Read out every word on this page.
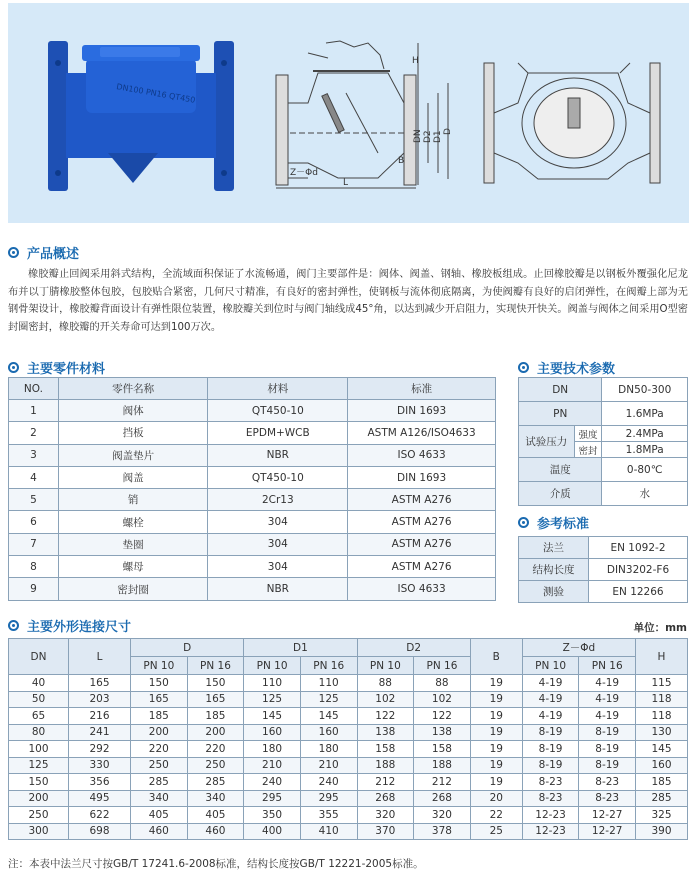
DN100 PN16 QT450
H
DN D2 D1 D
B
L
Z－Φd
产品概述

橡胶瓣止回阀采用斜式结构，全流域面积保证了水流畅通，阀门主要部件是：阀体、阀盖、钢轴、橡胶板组成。止回橡胶瓣是以钢板外覆强化尼龙布并以丁腈橡胶整体包胶，包胶贴合紧密，几何尺寸精准，有良好的密封弹性，使钢板与流体彻底隔离，为使阀瓣有良好的启闭弹性，在阀瓣上部为无钢骨架设计，橡胶瓣背面设计有弹性限位装置，橡胶瓣关到位时与阀门轴线成45°角，以达到减少开启阻力，实现快开快关。阀盖与阀体之间采用O型密封圈密封，橡胶瓣的开关寿命可达到100万次。

主要零件材料
NO.	零件名称	材料	标准
1	阀体	QT450-10	DIN 1693
2	挡板	EPDM+WCB	ASTM A126/ISO4633
3	阀盖垫片	NBR	ISO 4633
4	阀盖	QT450-10	DIN 1693
5	销	2Cr13	ASTM A276
6	螺栓	304	ASTM A276
7	垫圈	304	ASTM A276
8	螺母	304	ASTM A276
9	密封圈	NBR	ISO 4633
主要技术参数
DN		DN50-300
PN		1.6MPa
试验压力	强度	2.4MPa
	密封	1.8MPa
温度		0-80℃
介质		水
参考标准
法兰	EN 1092-2
结构长度	DIN3202-F6
测验	EN 12266
主要外形连接尺寸	单位：mm
DN	L	D		D1		D2		B	Z－Φd		H
		PN 10	PN 16	PN 10	PN 16	PN 10	PN 16		PN 10	PN 16	
40	165	150	150	110	110	88	88	19	4-19	4-19	115
50	203	165	165	125	125	102	102	19	4-19	4-19	118
65	216	185	185	145	145	122	122	19	4-19	4-19	118
80	241	200	200	160	160	138	138	19	8-19	8-19	130
100	292	220	220	180	180	158	158	19	8-19	8-19	145
125	330	250	250	210	210	188	188	19	8-19	8-19	160
150	356	285	285	240	240	212	212	19	8-23	8-23	185
200	495	340	340	295	295	268	268	20	8-23	8-23	285
250	622	405	405	350	355	320	320	22	12-23	12-27	325
300	698	460	460	400	410	370	378	25	12-23	12-27	390
注：本表中法兰尺寸按GB/T 17241.6-2008标准，结构长度按GB/T 12221-2005标准。
